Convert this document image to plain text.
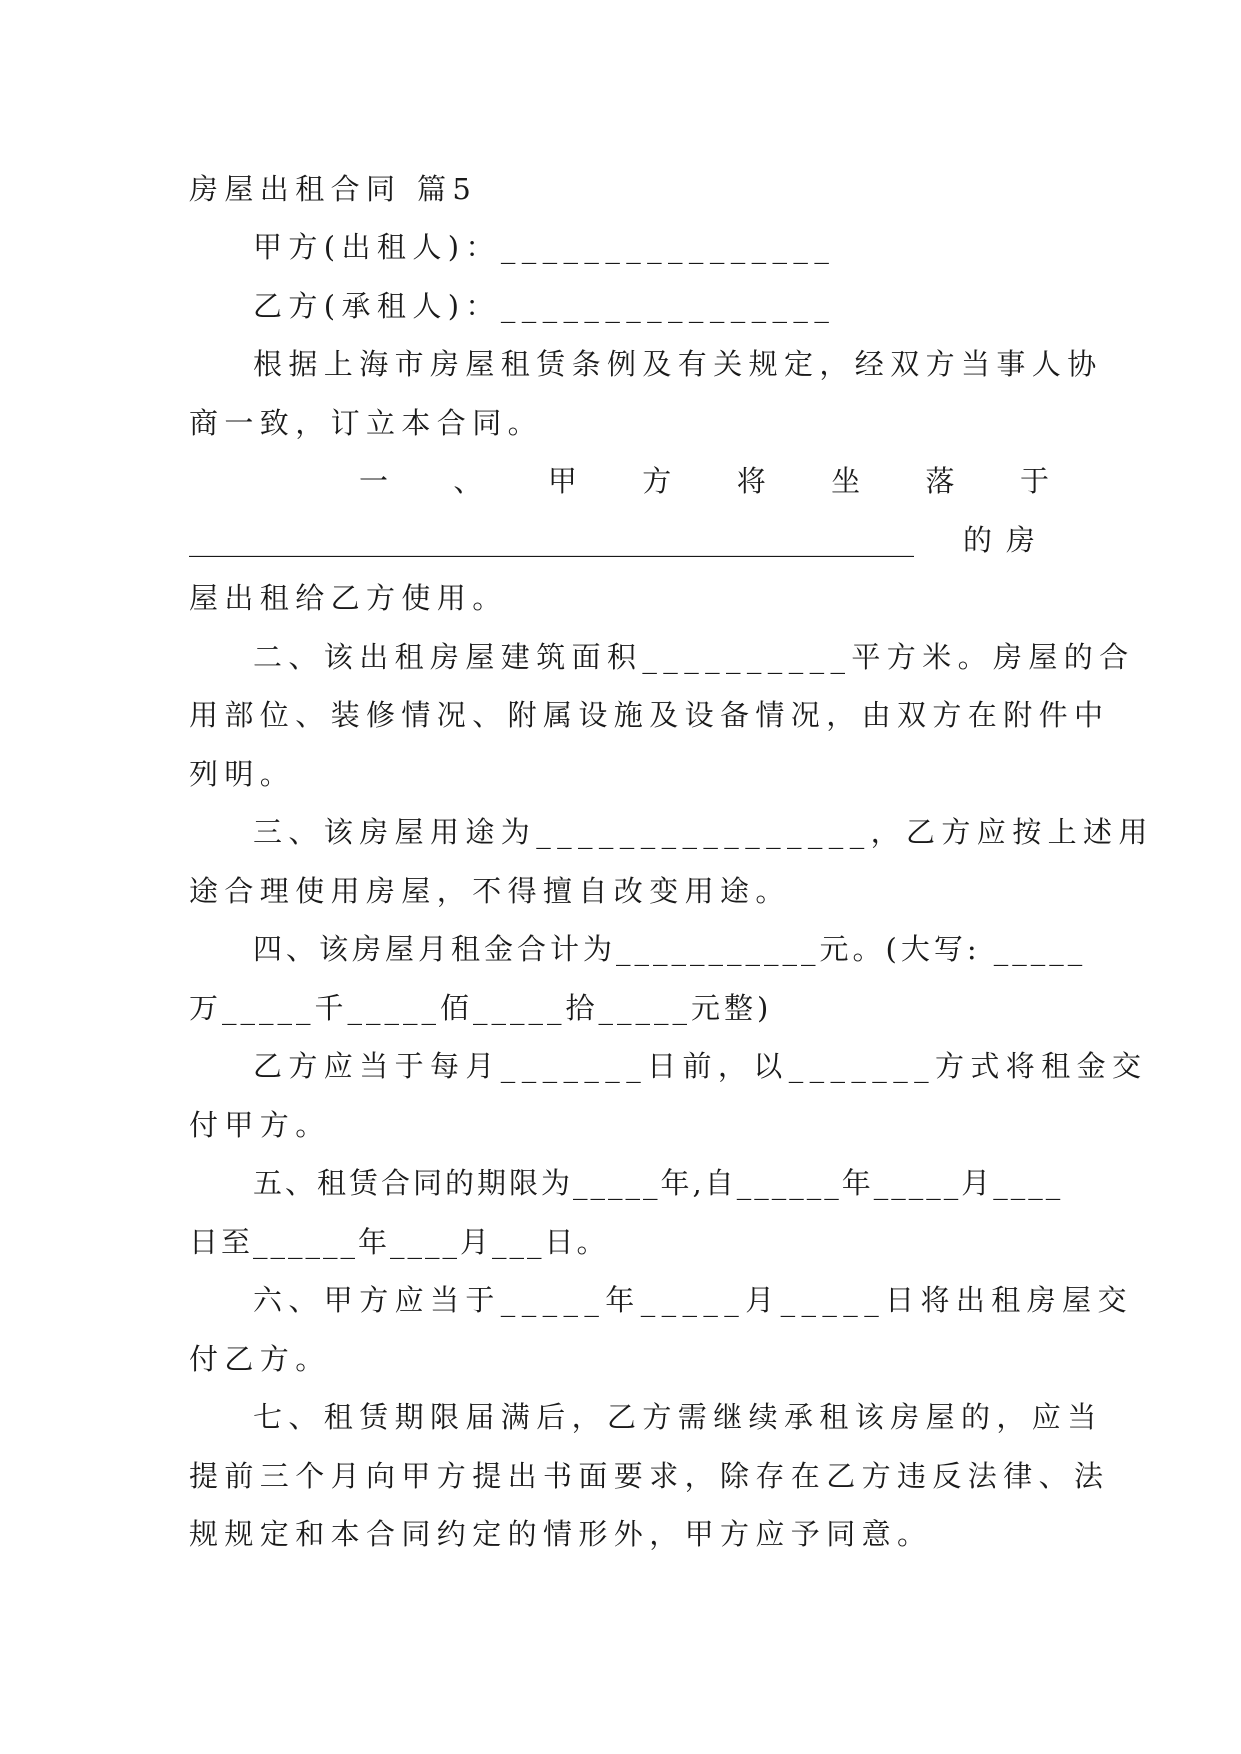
房屋出租合同 篇5
甲方(出租人)：________________
乙方(承租人)：________________
根据上海市房屋租赁条例及有关规定，经双方当事人协
商一致，订立本合同。
一 、 甲 方 将 坐 落 于
__________________________________________________ 的房
屋出租给乙方使用。
二、该出租房屋建筑面积__________平方米。房屋的合
用部位、装修情况、附属设施及设备情况，由双方在附件中
列明。
三、该房屋用途为________________，乙方应按上述用
途合理使用房屋，不得擅自改变用途。
四、该房屋月租金合计为___________元。(大写: _____
万_____千_____佰_____拾_____元整)
乙方应当于每月_______日前，以_______方式将租金交
付甲方。
五、租赁合同的期限为_____年,自______年_____月____
日至______年____月___日。
六、甲方应当于_____年_____月_____日将出租房屋交
付乙方。
七、租赁期限届满后，乙方需继续承租该房屋的，应当
提前三个月向甲方提出书面要求，除存在乙方违反法律、法
规规定和本合同约定的情形外，甲方应予同意。
